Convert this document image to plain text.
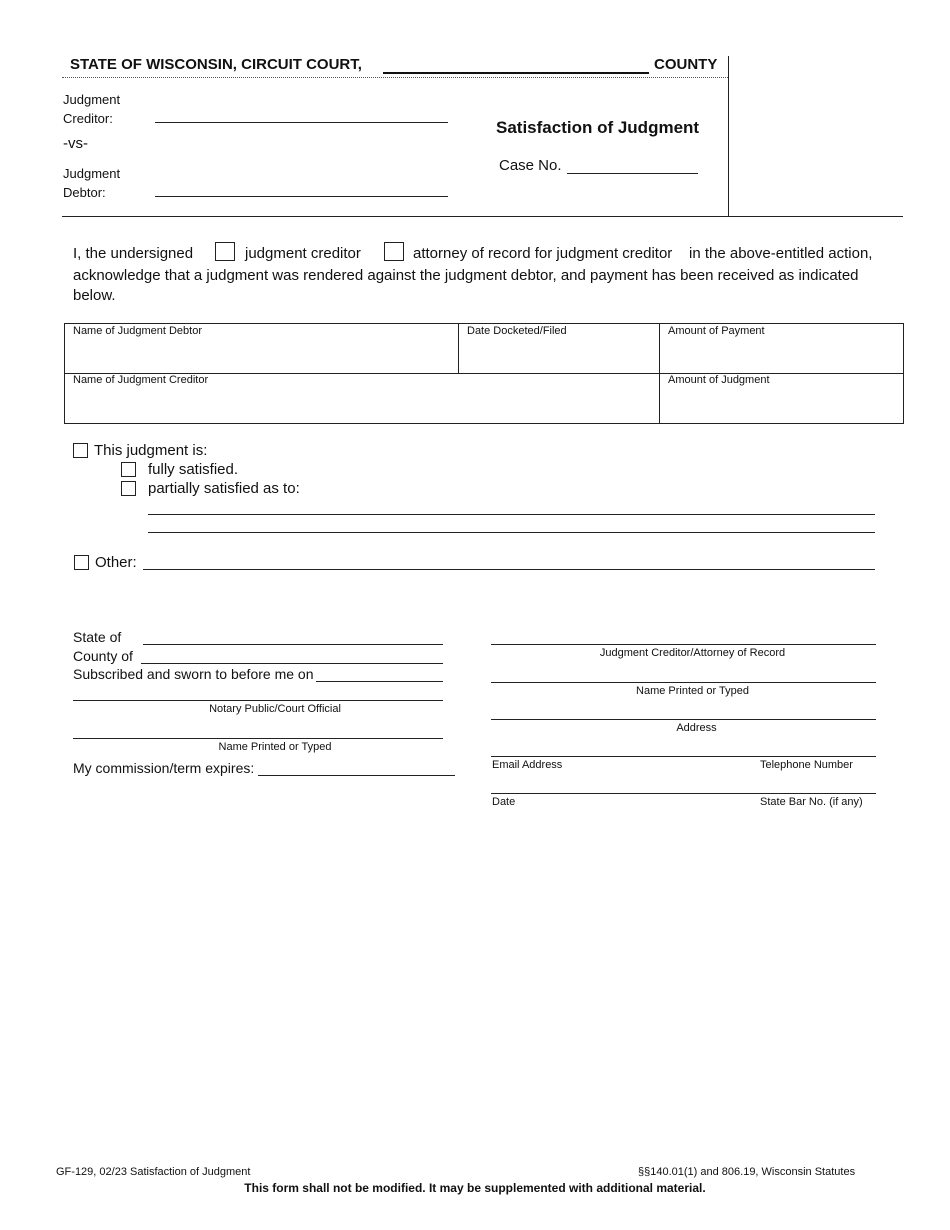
STATE OF WISCONSIN, CIRCUIT COURT,	COUNTY
Judgment
Creditor:
-vs-
Judgment
Debtor:
Satisfaction of Judgment
Case No.
I, the undersigned	judgment creditor	attorney of record for judgment creditor in the above-entitled action,
acknowledge that a judgment was rendered against the judgment debtor, and payment has been received as indicated
below.
Name of Judgment Debtor	Date Docketed/Filed	Amount of Payment
Name of Judgment Creditor	Amount of Judgment
This judgment is:
fully satisfied.
partially satisfied as to:
Other:
State of
County of
Subscribed and sworn to before me on
Notary Public/Court Official
Name Printed or Typed
My commission/term expires:
Judgment Creditor/Attorney of Record
Name Printed or Typed
Address
Email Address	Telephone Number
Date	State Bar No. (if any)
GF-129, 02/23 Satisfaction of Judgment	§§140.01(1) and 806.19, Wisconsin Statutes
This form shall not be modified. It may be supplemented with additional material.
